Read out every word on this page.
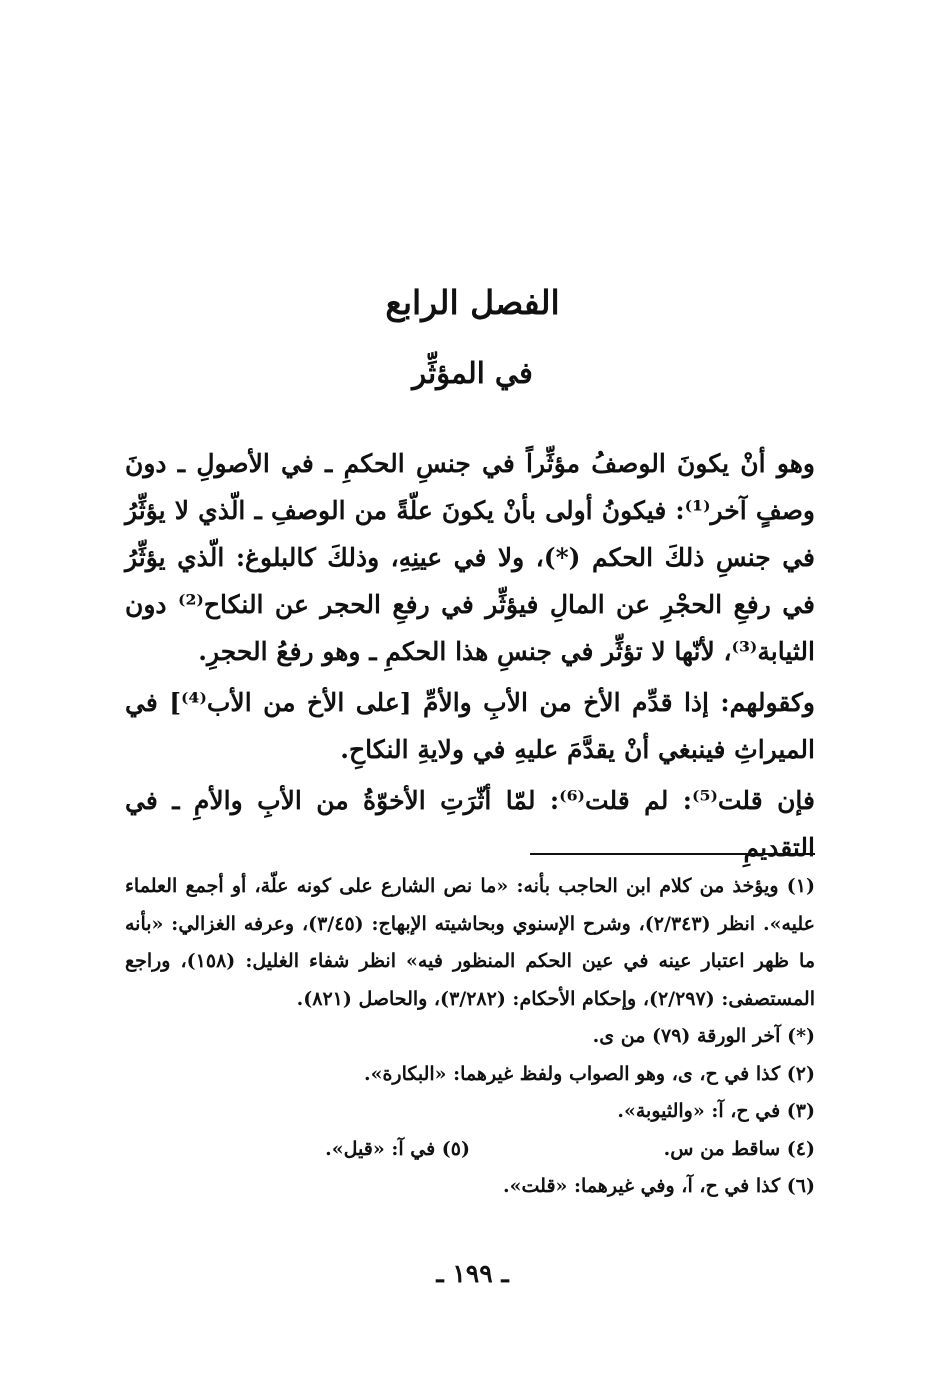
الفصل الرابع
في المؤثِّر

وهو أنْ يكونَ الوصفُ مؤثِّراً في جنسِ الحكمِ ـ في الأصولِ ـ دونَ وصفٍ آخر⁽¹⁾: فيكونُ أولى بأنْ يكونَ علّةً من الوصفِ ـ الّذي لا يؤثِّرُ في جنسِ ذلكَ الحكم (*)، ولا في عينِهِ، وذلكَ كالبلوغ: الّذي يؤثِّرُ في رفعِ الحجْرِ عن المالِ فيؤثِّر في رفعِ الحجر عن النكاح⁽²⁾ دون الثيابة⁽³⁾، لأنّها لا تؤثِّر في جنسِ هذا الحكمِ ـ وهو رفعُ الحجرِ.

وكقولهم: إذا قدِّم الأخ من الأبِ والأمِّ [على الأخ من الأب⁽⁴⁾] في الميراثِ فينبغي أنْ يقدَّمَ عليهِ في ولايةِ النكاحِ.

فإن قلت⁽⁵⁾: لم قلت⁽⁶⁾: لمّا أثّرَتِ الأخوّةُ من الأبِ والأمِ ـ في التقديمِ

(١) ويؤخذ من كلام ابن الحاجب بأنه: «ما نص الشارع على كونه علّة، أو أجمع العلماء عليه». انظر (٢/٣٤٣)، وشرح الإسنوي وبحاشيته الإبهاج: (٣/٤٥)، وعرفه الغزالي: «بأنه ما ظهر اعتبار عينه في عين الحكم المنظور فيه» انظر شفاء الغليل: (١٥٨)، وراجع المستصفى: (٢/٢٩٧)، وإحكام الأحكام: (٣/٢٨٢)، والحاصل (٨٢١).

(*) آخر الورقة (٧٩) من ى.

(٢) كذا في ح، ى، وهو الصواب ولفظ غيرهما: «البكارة».

(٣) في ح، آ: «والثيوبة».

(٤) ساقط من س.
(٥) في آ: «قيل».

(٦) كذا في ح، آ، وفي غيرهما: «قلت».

ـ ١٩٩ ـ
